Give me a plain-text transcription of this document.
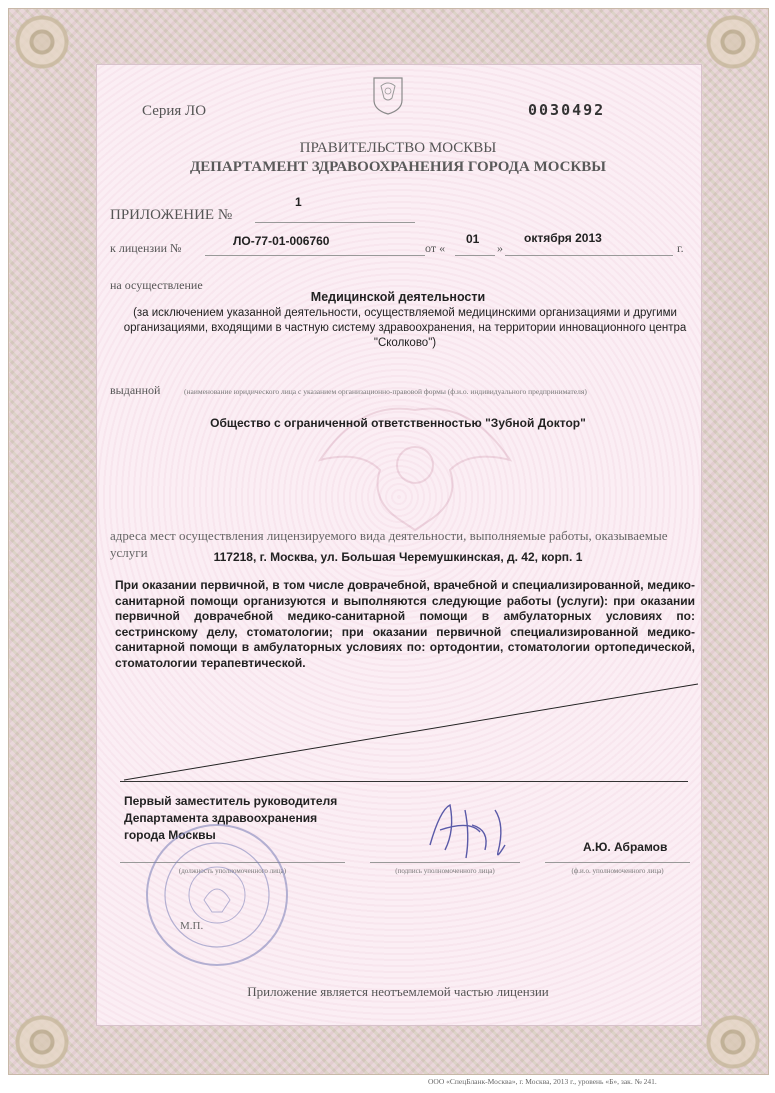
Серия ЛО	0030492
ПРАВИТЕЛЬСТВО МОСКВЫ
ДЕПАРТАМЕНТ ЗДРАВООХРАНЕНИЯ ГОРОДА МОСКВЫ
ПРИЛОЖЕНИЕ №
1
к лицензии №	ЛО-77-01-006760	от «
01
»
октября 2013
г.
на осуществление
Медицинской деятельности
(за исключением указанной деятельности, осуществляемой медицинскими организациями и другими организациями, входящими в частную систему здравоохранения, на территории инновационного центра "Сколково")
выданной	(наименование юридического лица с указанием организационно-правовой формы (ф.и.о. индивидуального предпринимателя)
Общество с ограниченной ответственностью "Зубной Доктор"
адреса мест осуществления лицензируемого вида деятельности, выполняемые работы, оказываемые услуги	117218, г. Москва, ул. Большая Черемушкинская, д. 42, корп. 1
При оказании первичной, в том числе доврачебной, врачебной и специализированной, медико-санитарной помощи организуются и выполняются следующие работы (услуги): при оказании первичной доврачебной медико-санитарной помощи в амбулаторных условиях по: сестринскому делу, стоматологии; при оказании первичной специализированной медико-санитарной помощи в амбулаторных условиях по: ортодонтии, стоматологии ортопедической, стоматологии терапевтической.
Первый заместитель руководителя Департамента здравоохранения города Москвы
А.Ю. Абрамов
(должность уполномоченного лица)	(подпись уполномоченного лица)	(ф.и.о. уполномоченного лица)
М.П.
Приложение является неотъемлемой частью лицензии
ООО «СпецБланк-Москва», г. Москва, 2013 г., уровень «Б», зак. № 241.
